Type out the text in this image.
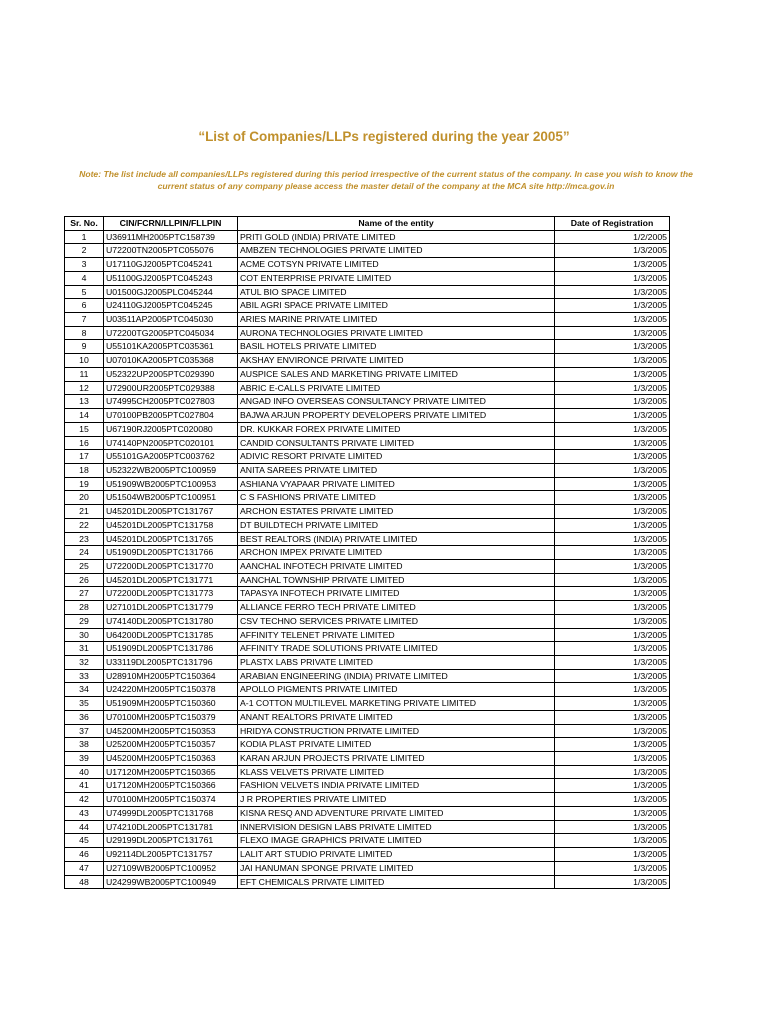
“List of Companies/LLPs registered during the year 2005”
Note: The list include all companies/LLPs registered during this period irrespective of the current status of the company. In case you wish to know the current status of any company please access the master detail of the company at the MCA site http://mca.gov.in
Sr. No.	CIN/FCRN/LLPIN/FLLPIN	Name of the entity	Date of Registration
1	U36911MH2005PTC158739	PRITI GOLD (INDIA) PRIVATE LIMITED	1/2/2005
2	U72200TN2005PTC055076	AMBZEN TECHNOLOGIES PRIVATE LIMITED	1/3/2005
3	U17110GJ2005PTC045241	ACME COTSYN PRIVATE LIMITED	1/3/2005
4	U51100GJ2005PTC045243	COT ENTERPRISE PRIVATE LIMITED	1/3/2005
5	U01500GJ2005PLC045244	ATUL BIO SPACE LIMITED	1/3/2005
6	U24110GJ2005PTC045245	ABIL AGRI SPACE PRIVATE LIMITED	1/3/2005
7	U03511AP2005PTC045030	ARIES MARINE PRIVATE LIMITED	1/3/2005
8	U72200TG2005PTC045034	AURONA TECHNOLOGIES PRIVATE LIMITED	1/3/2005
9	U55101KA2005PTC035361	BASIL HOTELS PRIVATE LIMITED	1/3/2005
10	U07010KA2005PTC035368	AKSHAY ENVIRONCE PRIVATE LIMITED	1/3/2005
11	U52322UP2005PTC029390	AUSPICE SALES AND MARKETING PRIVATE LIMITED	1/3/2005
12	U72900UR2005PTC029388	ABRIC E-CALLS PRIVATE LIMITED	1/3/2005
13	U74995CH2005PTC027803	ANGAD INFO OVERSEAS CONSULTANCY PRIVATE LIMITED	1/3/2005
14	U70100PB2005PTC027804	BAJWA ARJUN PROPERTY DEVELOPERS PRIVATE LIMITED	1/3/2005
15	U67190RJ2005PTC020080	DR. KUKKAR FOREX PRIVATE LIMITED	1/3/2005
16	U74140PN2005PTC020101	CANDID CONSULTANTS PRIVATE LIMITED	1/3/2005
17	U55101GA2005PTC003762	ADIVIC RESORT PRIVATE LIMITED	1/3/2005
18	U52322WB2005PTC100959	ANITA SAREES PRIVATE LIMITED	1/3/2005
19	U51909WB2005PTC100953	ASHIANA VYAPAAR PRIVATE LIMITED	1/3/2005
20	U51504WB2005PTC100951	C S FASHIONS PRIVATE LIMITED	1/3/2005
21	U45201DL2005PTC131767	ARCHON ESTATES PRIVATE LIMITED	1/3/2005
22	U45201DL2005PTC131758	DT BUILDTECH PRIVATE LIMITED	1/3/2005
23	U45201DL2005PTC131765	BEST REALTORS (INDIA) PRIVATE LIMITED	1/3/2005
24	U51909DL2005PTC131766	ARCHON IMPEX PRIVATE LIMITED	1/3/2005
25	U72200DL2005PTC131770	AANCHAL INFOTECH PRIVATE LIMITED	1/3/2005
26	U45201DL2005PTC131771	AANCHAL TOWNSHIP PRIVATE LIMITED	1/3/2005
27	U72200DL2005PTC131773	TAPASYA INFOTECH PRIVATE LIMITED	1/3/2005
28	U27101DL2005PTC131779	ALLIANCE FERRO TECH PRIVATE LIMITED	1/3/2005
29	U74140DL2005PTC131780	CSV TECHNO SERVICES PRIVATE LIMITED	1/3/2005
30	U64200DL2005PTC131785	AFFINITY TELENET PRIVATE LIMITED	1/3/2005
31	U51909DL2005PTC131786	AFFINITY TRADE SOLUTIONS PRIVATE LIMITED	1/3/2005
32	U33119DL2005PTC131796	PLASTX LABS PRIVATE LIMITED	1/3/2005
33	U28910MH2005PTC150364	ARABIAN ENGINEERING (INDIA) PRIVATE LIMITED	1/3/2005
34	U24220MH2005PTC150378	APOLLO PIGMENTS PRIVATE LIMITED	1/3/2005
35	U51909MH2005PTC150360	A-1 COTTON MULTILEVEL MARKETING PRIVATE LIMITED	1/3/2005
36	U70100MH2005PTC150379	ANANT REALTORS PRIVATE LIMITED	1/3/2005
37	U45200MH2005PTC150353	HRIDYA CONSTRUCTION PRIVATE LIMITED	1/3/2005
38	U25200MH2005PTC150357	KODIA PLAST PRIVATE LIMITED	1/3/2005
39	U45200MH2005PTC150363	KARAN ARJUN PROJECTS PRIVATE LIMITED	1/3/2005
40	U17120MH2005PTC150365	KLASS VELVETS PRIVATE LIMITED	1/3/2005
41	U17120MH2005PTC150366	FASHION VELVETS INDIA PRIVATE LIMITED	1/3/2005
42	U70100MH2005PTC150374	J R PROPERTIES PRIVATE LIMITED	1/3/2005
43	U74999DL2005PTC131768	KISNA RESQ AND ADVENTURE PRIVATE LIMITED	1/3/2005
44	U74210DL2005PTC131781	INNERVISION DESIGN LABS PRIVATE LIMITED	1/3/2005
45	U29199DL2005PTC131761	FLEXO IMAGE GRAPHICS PRIVATE LIMITED	1/3/2005
46	U92114DL2005PTC131757	LALIT ART STUDIO PRIVATE LIMITED	1/3/2005
47	U27109WB2005PTC100952	JAI HANUMAN SPONGE PRIVATE LIMITED	1/3/2005
48	U24299WB2005PTC100949	EFT CHEMICALS PRIVATE LIMITED	1/3/2005
